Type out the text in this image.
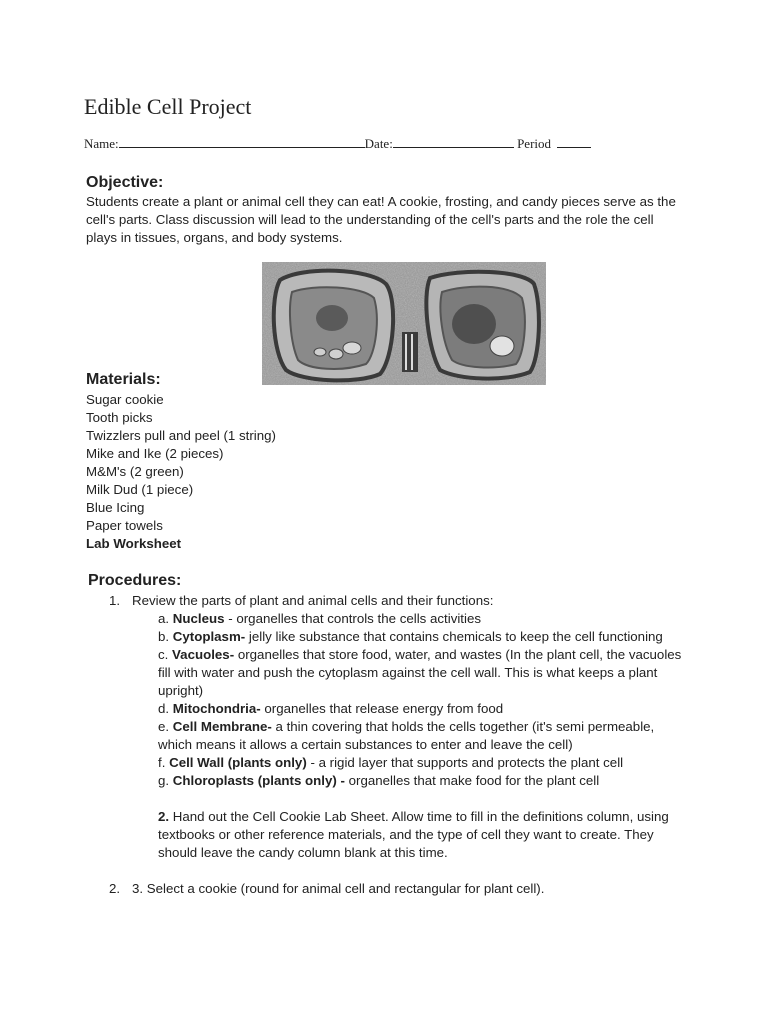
Edible Cell Project
Name:	Date:	Period
Objective:
Students create a plant or animal cell they can eat! A cookie, frosting, and candy pieces serve as the cell's parts. Class discussion will lead to the understanding of the cell's parts and the role the cell plays in tissues, organs, and body systems.
Materials:
Sugar cookie
Tooth picks
Twizzlers pull and peel (1 string)
Mike and Ike (2 pieces)
M&M's (2 green)
Milk Dud (1 piece)
Blue Icing
Paper towels
Lab Worksheet
Procedures:
1. Review the parts of plant and animal cells and their functions:
a. Nucleus - organelles that controls the cells activities
b. Cytoplasm- jelly like substance that contains chemicals to keep the cell functioning
c. Vacuoles- organelles that store food, water, and wastes (In the plant cell, the vacuoles fill with water and push the cytoplasm against the cell wall. This is what keeps a plant upright)
d. Mitochondria- organelles that release energy from food
e. Cell Membrane- a thin covering that holds the cells together (it's semi permeable, which means it allows a certain substances to enter and leave the cell)
f. Cell Wall (plants only) - a rigid layer that supports and protects the plant cell
g. Chloroplasts (plants only) - organelles that make food for the plant cell
2. Hand out the Cell Cookie Lab Sheet. Allow time to fill in the definitions column, using textbooks or other reference materials, and the type of cell they want to create. They should leave the candy column blank at this time.
2. 3. Select a cookie (round for animal cell and rectangular for plant cell).
